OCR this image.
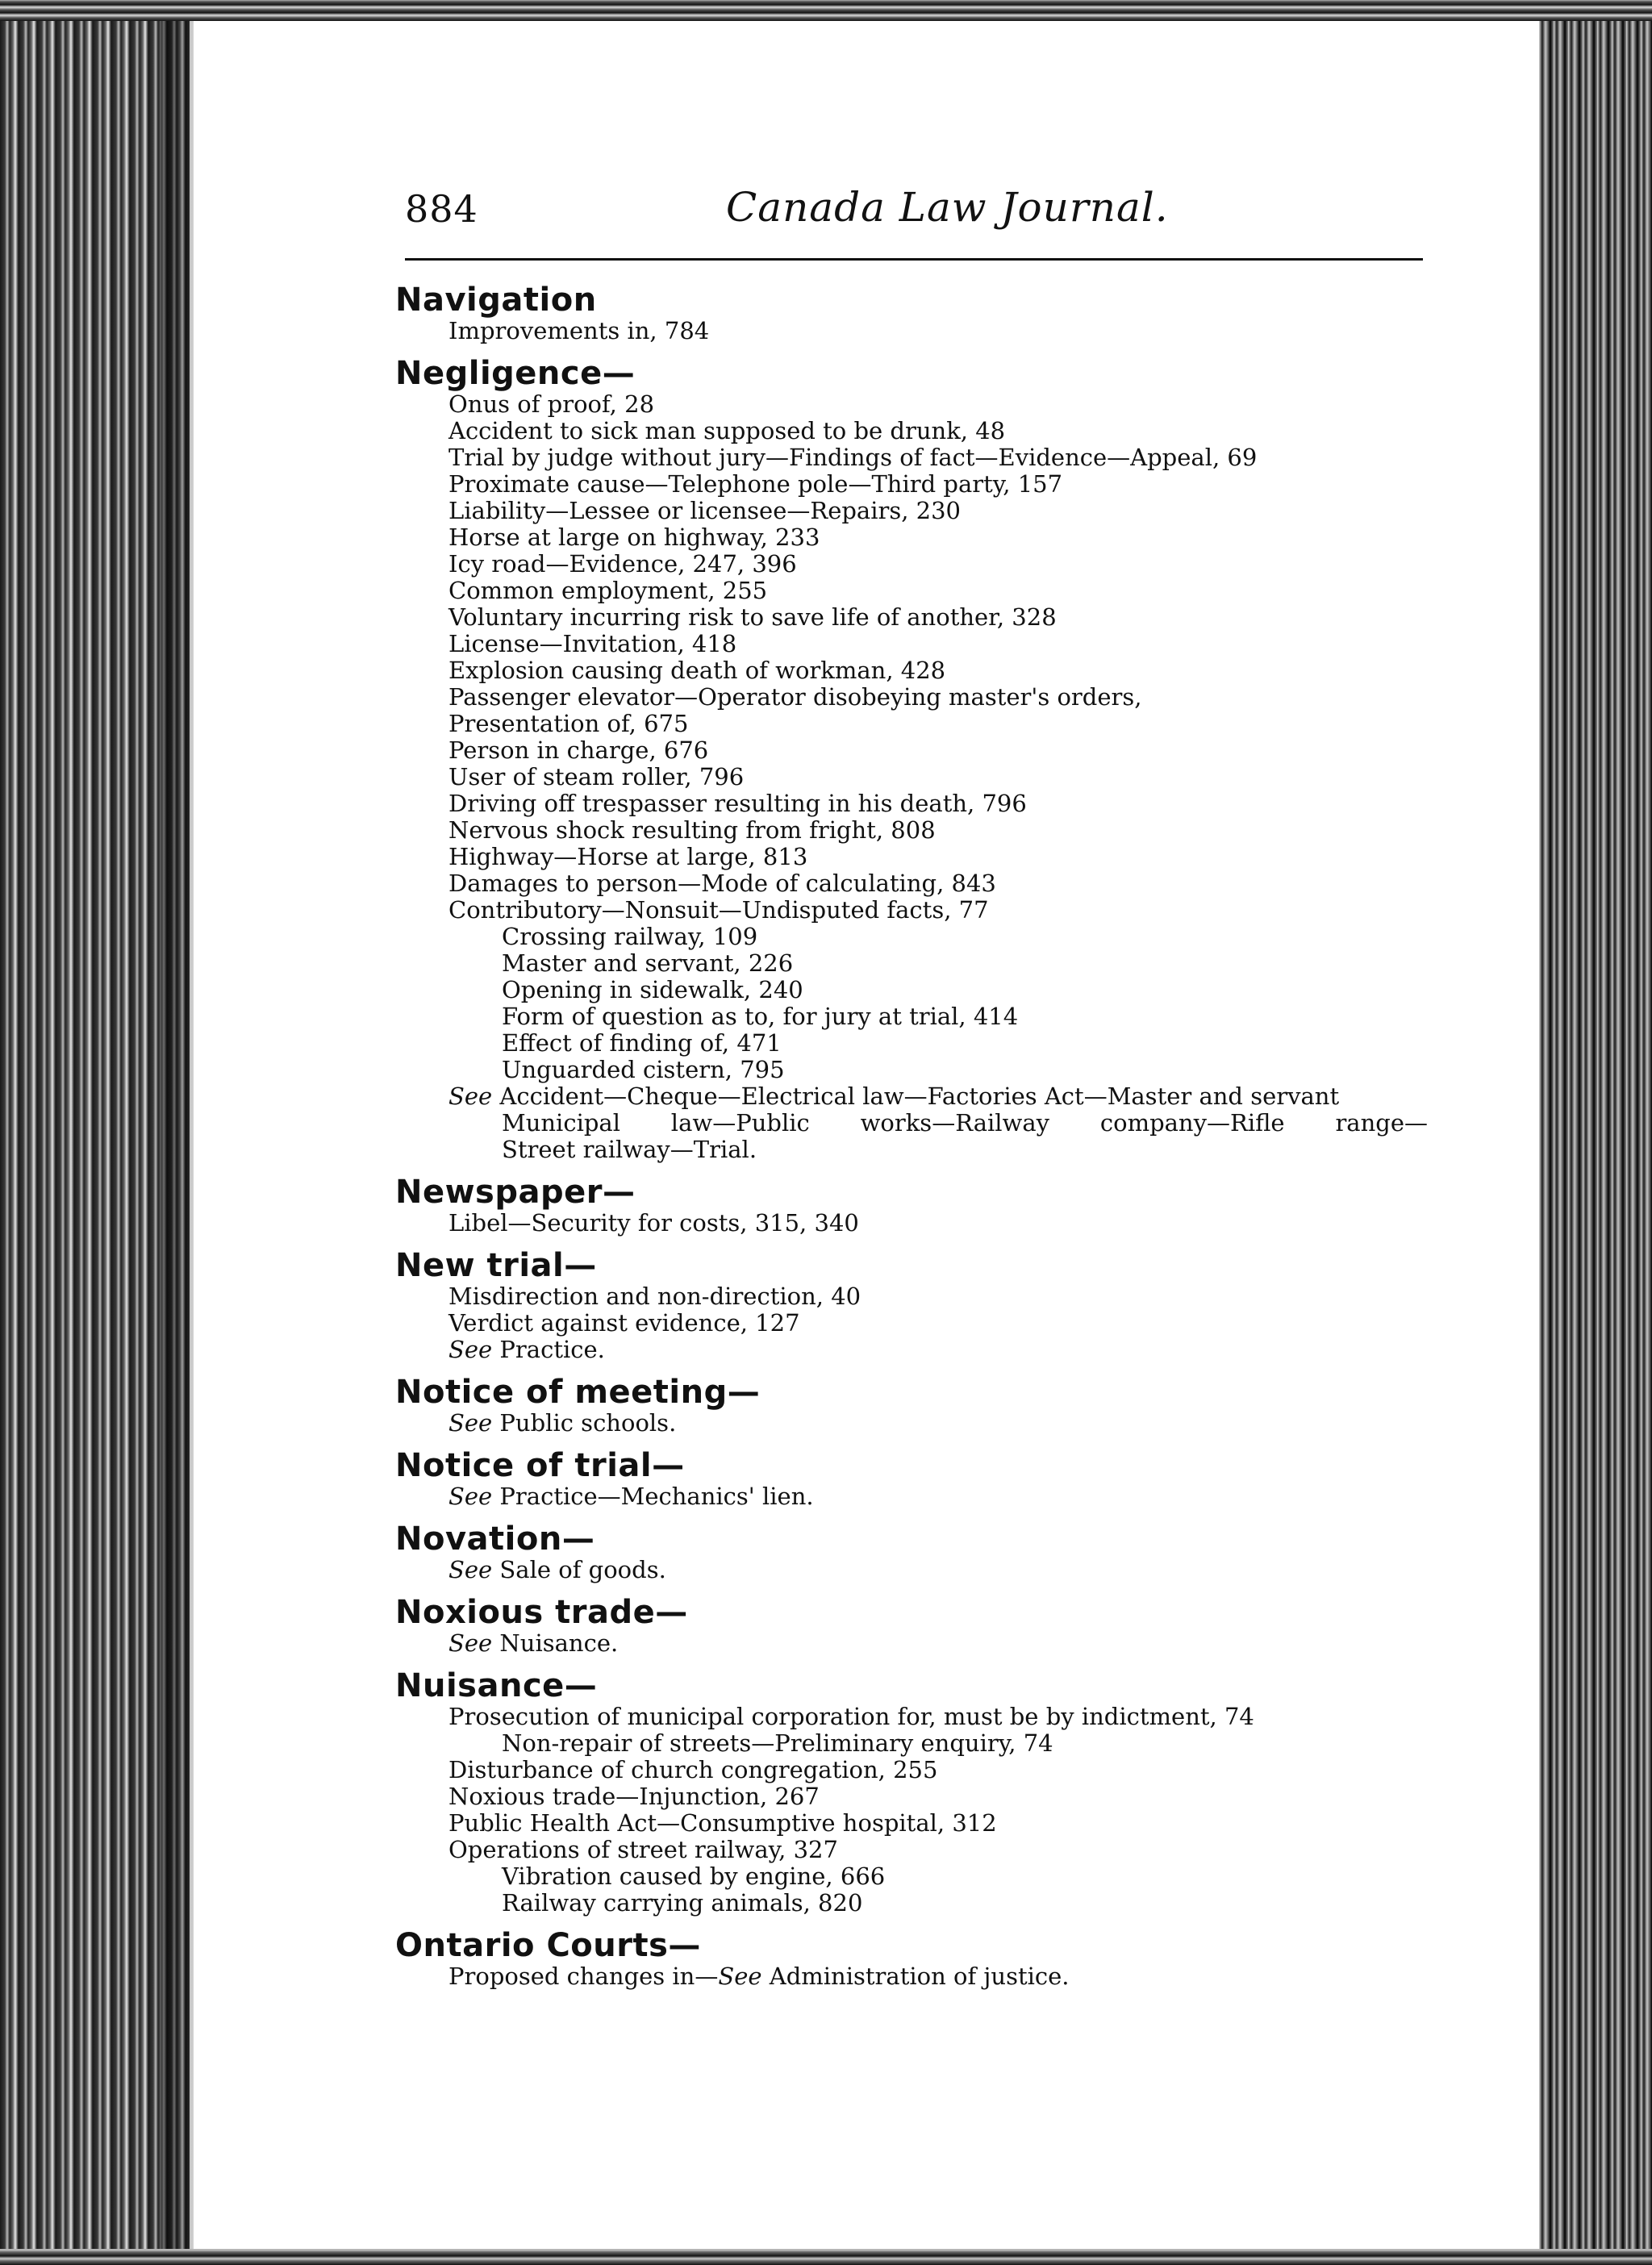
884	Canada Law Journal.
Navigation
Improvements in, 784
Negligence—
Onus of proof, 28
Accident to sick man supposed to be drunk, 48
Trial by judge without jury—Findings of fact—Evidence—Appeal, 69
Proximate cause—Telephone pole—Third party, 157
Liability—Lessee or licensee—Repairs, 230
Horse at large on highway, 233
Icy road—Evidence, 247, 396
Common employment, 255
Voluntary incurring risk to save life of another, 328
License—Invitation, 418
Explosion causing death of workman, 428
Passenger elevator—Operator disobeying master's orders,
Presentation of, 675
Person in charge, 676
User of steam roller, 796
Driving off trespasser resulting in his death, 796
Nervous shock resulting from fright, 808
Highway—Horse at large, 813
Damages to person—Mode of calculating, 843
Contributory—Nonsuit—Undisputed facts, 77
Crossing railway, 109
Master and servant, 226
Opening in sidewalk, 240
Form of question as to, for jury at trial, 414
Effect of finding of, 471
Unguarded cistern, 795
See Accident—Cheque—Electrical law—Factories Act—Master and servant
Municipal law—Public works—Railway company—Rifle range—
Street railway—Trial.
Newspaper—
Libel—Security for costs, 315, 340
New trial—
Misdirection and non-direction, 40
Verdict against evidence, 127
See Practice.
Notice of meeting—
See Public schools.
Notice of trial—
See Practice—Mechanics' lien.
Novation—
See Sale of goods.
Noxious trade—
See Nuisance.
Nuisance—
Prosecution of municipal corporation for, must be by indictment, 74
Non-repair of streets—Preliminary enquiry, 74
Disturbance of church congregation, 255
Noxious trade—Injunction, 267
Public Health Act—Consumptive hospital, 312
Operations of street railway, 327
Vibration caused by engine, 666
Railway carrying animals, 820
Ontario Courts—
Proposed changes in—See Administration of justice.
